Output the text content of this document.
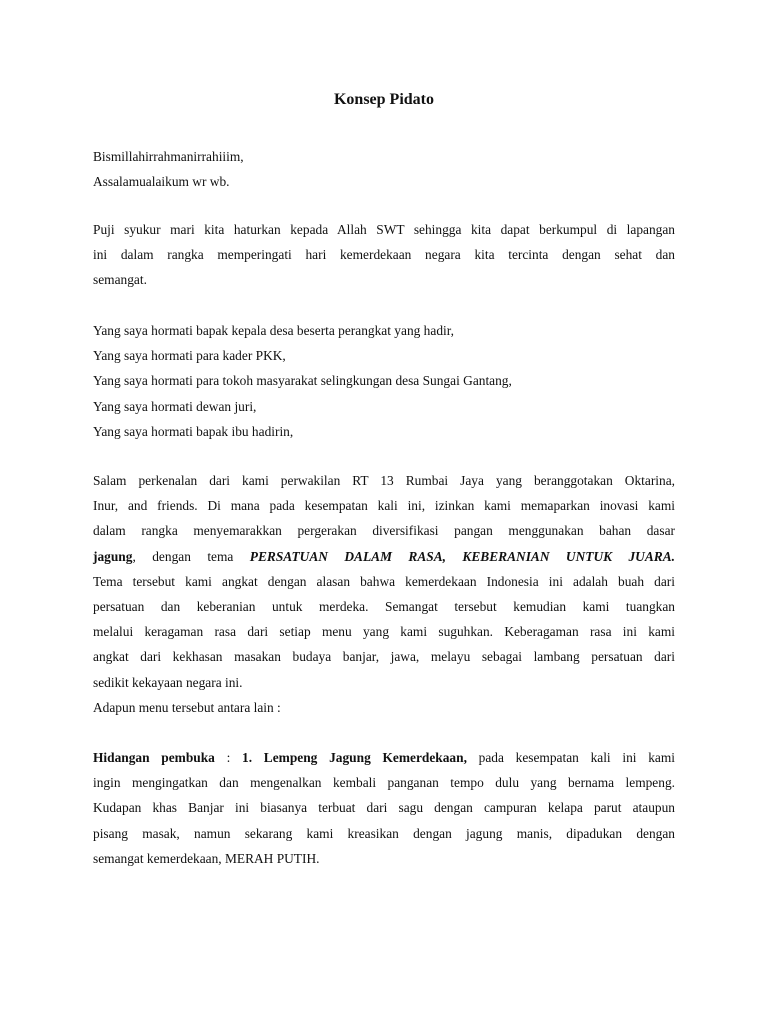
Konsep Pidato
Bismillahirrahmanirrahiiim,
Assalamualaikum wr wb.
Puji syukur mari kita haturkan kepada Allah SWT sehingga kita dapat berkumpul di lapangan
ini dalam rangka memperingati hari kemerdekaan negara kita tercinta dengan sehat dan
semangat.
Yang saya hormati bapak kepala desa beserta perangkat yang hadir,
Yang saya hormati para kader PKK,
Yang saya hormati para tokoh masyarakat selingkungan desa Sungai Gantang,
Yang saya hormati dewan juri,
Yang saya hormati bapak ibu hadirin,
Salam perkenalan dari kami perwakilan RT 13 Rumbai Jaya yang beranggotakan Oktarina,
Inur, and friends. Di mana pada kesempatan kali ini, izinkan kami memaparkan inovasi kami
dalam rangka menyemarakkan pergerakan diversifikasi pangan menggunakan bahan dasar
jagung, dengan tema PERSATUAN DALAM RASA, KEBERANIAN UNTUK JUARA.
Tema tersebut kami angkat dengan alasan bahwa kemerdekaan Indonesia ini adalah buah dari
persatuan dan keberanian untuk merdeka. Semangat tersebut kemudian kami tuangkan
melalui keragaman rasa dari setiap menu yang kami suguhkan. Keberagaman rasa ini kami
angkat dari kekhasan masakan budaya banjar, jawa, melayu sebagai lambang persatuan dari
sedikit kekayaan negara ini.
Adapun menu tersebut antara lain :
Hidangan pembuka : 1. Lempeng Jagung Kemerdekaan, pada kesempatan kali ini kami
ingin mengingatkan dan mengenalkan kembali panganan tempo dulu yang bernama lempeng.
Kudapan khas Banjar ini biasanya terbuat dari sagu dengan campuran kelapa parut ataupun
pisang masak, namun sekarang kami kreasikan dengan jagung manis, dipadukan dengan
semangat kemerdekaan, MERAH PUTIH.
